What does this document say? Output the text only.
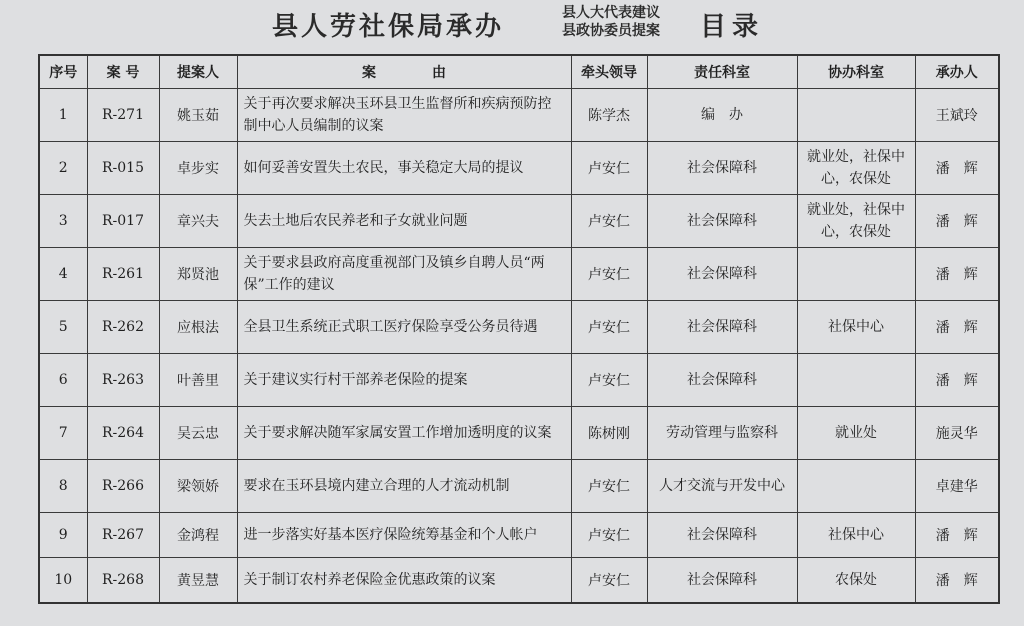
县人劳社保局承办	县人大代表建议
县政协委员提案 目录
序号	案 号	提案人	案　　　　由	牵头领导	责任科室	协办科室	承办人
1	R-271	姚玉茹	关于再次要求解决玉环县卫生监督所和疾病预防控制中心人员编制的议案	陈学杰	编　办		王斌玲
2	R-015	卓步实	如何妥善安置失土农民，事关稳定大局的提议	卢安仁	社会保障科	就业处，社保中心，农保处	潘　辉
3	R-017	章兴夫	失去土地后农民养老和子女就业问题	卢安仁	社会保障科	就业处，社保中心，农保处	潘　辉
4	R-261	郑贤池	关于要求县政府高度重视部门及镇乡自聘人员“两保”工作的建议	卢安仁	社会保障科		潘　辉
5	R-262	应根法	全县卫生系统正式职工医疗保险享受公务员待遇	卢安仁	社会保障科	社保中心	潘　辉
6	R-263	叶善里	关于建议实行村干部养老保险的提案	卢安仁	社会保障科		潘　辉
7	R-264	吴云忠	关于要求解决随军家属安置工作增加透明度的议案	陈树刚	劳动管理与监察科	就业处	施灵华
8	R-266	梁领娇	要求在玉环县境内建立合理的人才流动机制	卢安仁	人才交流与开发中心		卓建华
9	R-267	金鸿程	进一步落实好基本医疗保险统筹基金和个人帐户	卢安仁	社会保障科	社保中心	潘　辉
10	R-268	黄昱慧	关于制订农村养老保险金优惠政策的议案	卢安仁	社会保障科	农保处	潘　辉
